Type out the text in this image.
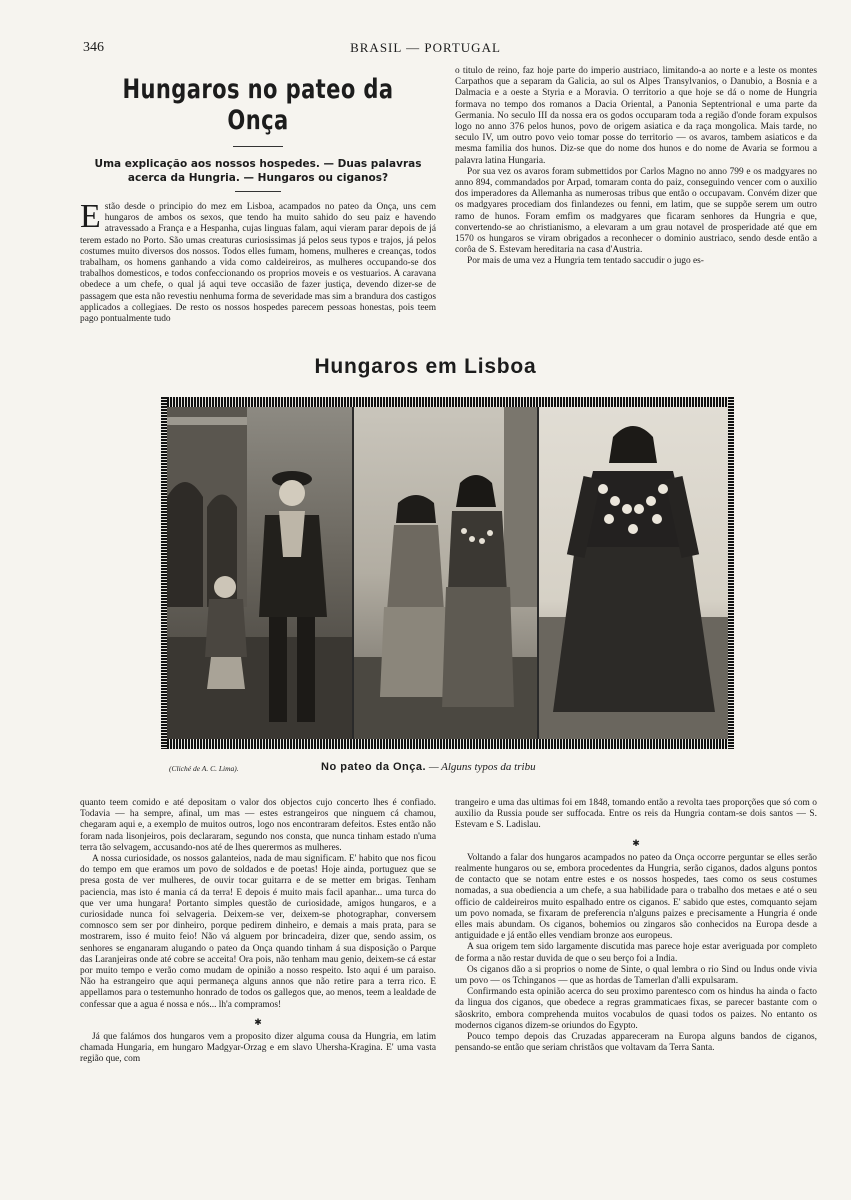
346	BRASIL — PORTUGAL
Hungaros no pateo da Onça
Uma explicação aos nossos hospedes. — Duas palavras acerca da Hungria. — Hungaros ou ciganos?

Estão desde o principio do mez em Lisboa, acampados no pateo da Onça, uns cem hungaros de ambos os sexos, que tendo ha muito sahido do seu paiz e havendo atravessado a França e a Hespanha, cujas linguas falam, aqui vieram parar depois de já terem estado no Porto. São umas creaturas curiosissimas já pelos seus typos e trajos, já pelos costumes muito diversos dos nossos. Todos elles fumam, homens, mulheres e creanças, todos trabalham, os homens ganhando a vida como caldeireiros, as mulheres occupando-se dos trabalhos domesticos, e todos confeccionando os proprios moveis e os vestuarios. A caravana obedece a um chefe, o qual já aqui teve occasião de fazer justiça, devendo dizer-se de passagem que esta não revestiu nenhuma forma de severidade mas sim a brandura dos castigos applicados a collegiaes. De resto os nossos hospedes parecem pessoas honestas, pois teem pago pontualmente tudo

o titulo de reino, faz hoje parte do imperio austriaco, limitando-a ao norte e a leste os montes Carpathos que a separam da Galicia, ao sul os Alpes Transylvanios, o Danubio, a Bosnia e a Dalmacia e a oeste a Styria e a Moravia. O territorio a que hoje se dá o nome de Hungria formava no tempo dos romanos a Dacia Oriental, a Panonia Septentrional e uma parte da Germania. No seculo III da nossa era os godos occuparam toda a região d'onde foram expulsos logo no anno 376 pelos hunos, povo de origem asiatica e da raça mongolica. Mais tarde, no seculo IV, um outro povo veio tomar posse do territorio — os avaros, tambem asiaticos e da mesma familia dos hunos. Diz-se que do nome dos hunos e do nome de Avaria se formou a palavra latina Hungaria.

Por sua vez os avaros foram submettidos por Carlos Magno no anno 799 e os madgyares no anno 894, commandados por Arpad, tomaram conta do paiz, conseguindo vencer com o auxilio dos imperadores da Allemanha as numerosas tribus que então o occupavam. Convém dizer que os madgyares procediam dos finlandezes ou fenni, em latim, que se suppõe serem um outro ramo de hunos. Foram emfim os madgyares que ficaram senhores da Hungria e que, convertendo-se ao christianismo, a elevaram a um grau notavel de prosperidade até que em 1570 os hungaros se viram obrigados a reconhecer o dominio austriaco, sendo desde então a corôa de S. Estevam hereditaria na casa d'Austria.

Por mais de uma vez a Hungria tem tentado saccudir o jugo es-

Hungaros em Lisboa
(Cliché de A. C. Lima).	No pateo da Onça. — Alguns typos da tribu

quanto teem comido e até depositam o valor dos objectos cujo concerto lhes é confiado. Todavia — ha sempre, afinal, um mas — estes estrangeiros que ninguem cá chamou, chegaram aqui e, a exemplo de muitos outros, logo nos encontraram defeitos. Estes então não foram nada lisonjeiros, pois declararam, segundo nos consta, que nunca tinham estado n'uma terra tão selvagem, accusando-nos até de lhes querermos as mulheres.

A nossa curiosidade, os nossos galanteios, nada de mau significam. E' habito que nos ficou do tempo em que eramos um povo de soldados e de poetas! Hoje ainda, portuguez que se presa gosta de ver mulheres, de ouvir tocar guitarra e de se metter em brigas. Tenham paciencia, mas isto é mania cá da terra! E depois é muito mais facil apanhar... uma turca do que ver uma hungara! Portanto simples questão de curiosidade, amigos hungaros, e a curiosidade nunca foi selvageria. Deixem-se ver, deixem-se photographar, conversem comnosco sem ser por dinheiro, porque pedirem dinheiro, e demais a mais prata, para se mostrarem, isso é muito feio! Não vá alguem por brincadeira, dizer que, sendo assim, os senhores se enganaram alugando o pateo da Onça quando tinham á sua disposição o Parque das Laranjeiras onde até cobre se acceita! Ora pois, não tenham mau genio, deixem-se cá estar por muito tempo e verão como mudam de opinião a nosso respeito. Isto aqui é um paraiso. Não ha estrangeiro que aqui permaneça alguns annos que não retire para a terra rico. E appellamos para o testemunho honrado de todos os gallegos que, ao menos, teem a lealdade de confessar que a agua é nossa e nós... lh'a compramos!

✱

Já que falámos dos hungaros vem a proposito dizer alguma cousa da Hungria, em latim chamada Hungaria, em hungaro Madgyar-Orzag e em slavo Uhersha-Kragina. E' uma vasta região que, com

trangeiro e uma das ultimas foi em 1848, tomando então a revolta taes proporções que só com o auxilio da Russia poude ser suffocada. Entre os reis da Hungria contam-se dois santos — S. Estevam e S. Ladislau.

✱

Voltando a falar dos hungaros acampados no pateo da Onça occorre perguntar se elles serão realmente hungaros ou se, embora procedentes da Hungria, serão ciganos, dados alguns pontos de contacto que se notam entre estes e os nossos hospedes, taes como os seus costumes nomadas, a sua obediencia a um chefe, a sua habilidade para o trabalho dos metaes e até o seu officio de caldeireiros muito espalhado entre os ciganos. E' sabido que estes, comquanto sejam um povo nomada, se fixaram de preferencia n'alguns paizes e precisamente a Hungria é onde elles mais abundam. Os ciganos, bohemios ou zingaros são conhecidos na Europa desde a antiguidade e já então elles vendiam bronze aos europeus.

A sua origem tem sido largamente discutida mas parece hoje estar averiguada por completo de forma a não restar duvida de que o seu berço foi a India.

Os ciganos dão a si proprios o nome de Sinte, o qual lembra o rio Sind ou Indus onde vivia um povo — os Tchinganos — que as hordas de Tamerlan d'alli expulsaram.

Confirmando esta opinião acerca do seu proximo parentesco com os hindus ha ainda o facto da lingua dos ciganos, que obedece a regras grammaticaes fixas, se parecer bastante com o sãoskrito, embora comprehenda muitos vocabulos de quasi todos os paizes. No entanto os modernos ciganos dizem-se oriundos do Egypto.

Pouco tempo depois das Cruzadas appareceram na Europa alguns bandos de ciganos, pensando-se então que seriam christãos que voltavam da Terra Santa.
